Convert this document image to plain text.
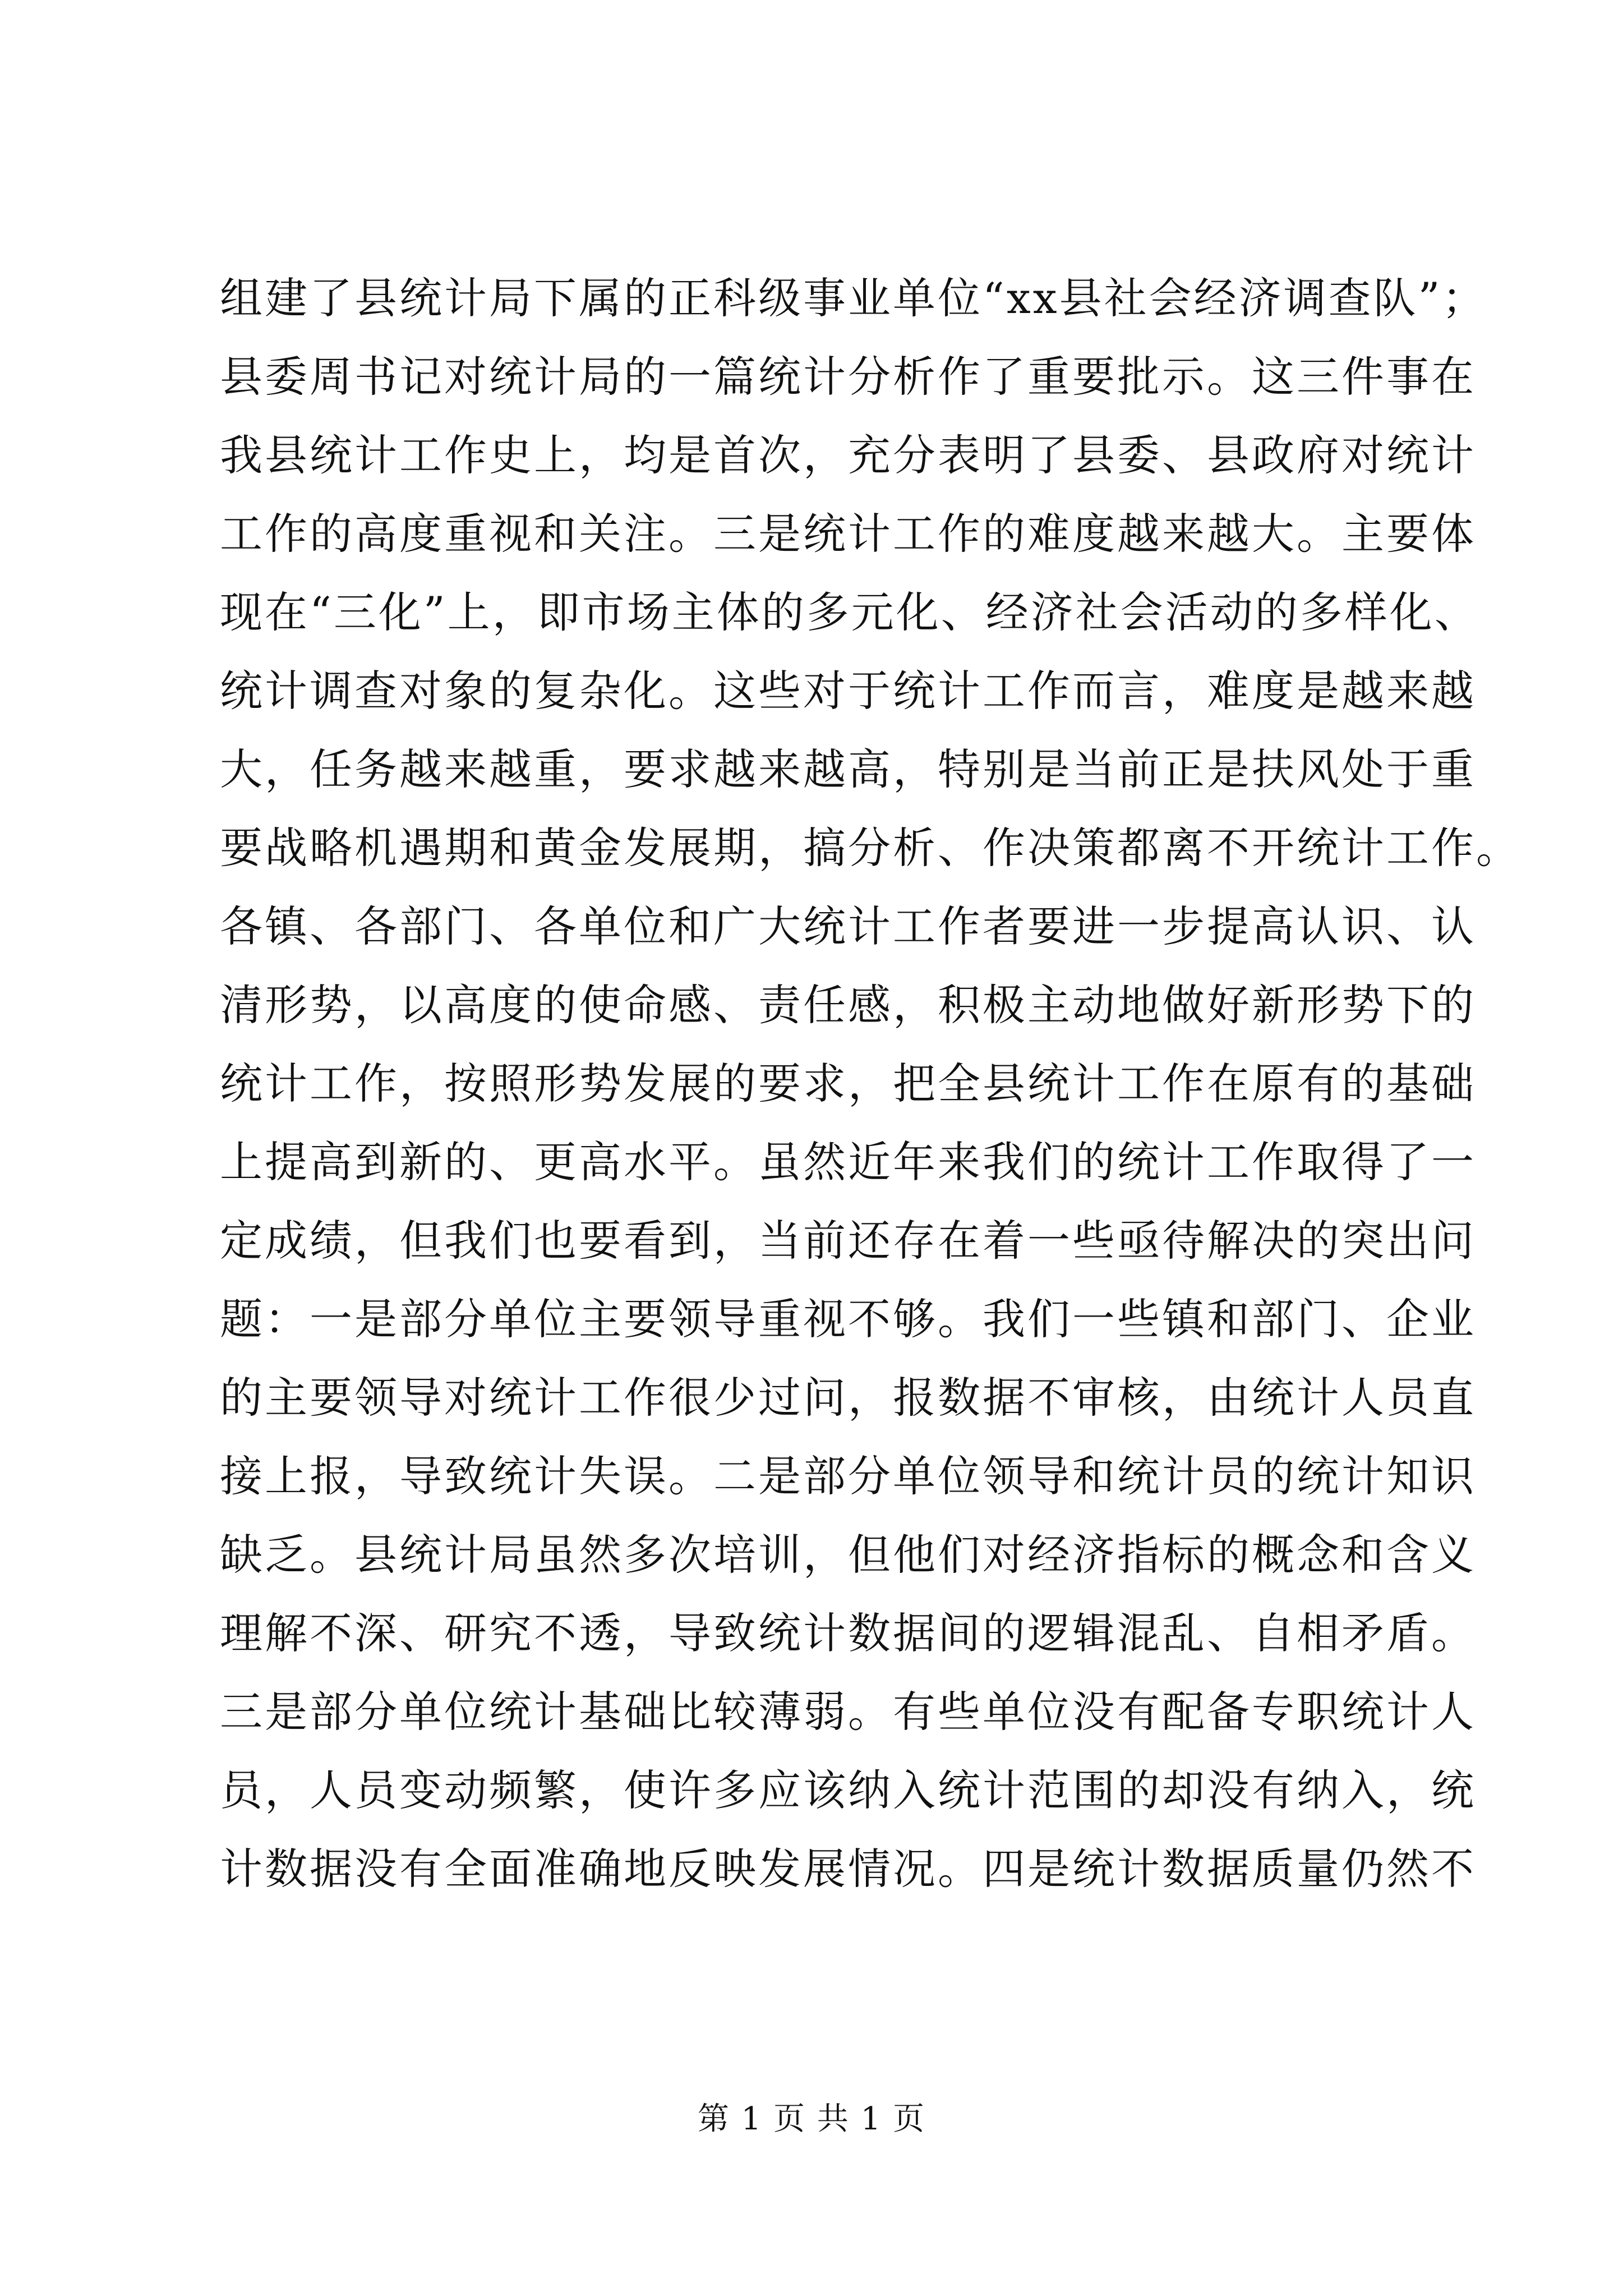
组建了县统计局下属的正科级事业单位“xx县社会经济调查队”；
县委周书记对统计局的一篇统计分析作了重要批示。这三件事在
我县统计工作史上，均是首次，充分表明了县委、县政府对统计
工作的高度重视和关注。三是统计工作的难度越来越大。主要体
现在“三化”上，即市场主体的多元化、经济社会活动的多样化、
统计调查对象的复杂化。这些对于统计工作而言，难度是越来越
大，任务越来越重，要求越来越高，特别是当前正是扶风处于重
要战略机遇期和黄金发展期，搞分析、作决策都离不开统计工作。
各镇、各部门、各单位和广大统计工作者要进一步提高认识、认
清形势，以高度的使命感、责任感，积极主动地做好新形势下的
统计工作，按照形势发展的要求，把全县统计工作在原有的基础
上提高到新的、更高水平。虽然近年来我们的统计工作取得了一
定成绩，但我们也要看到，当前还存在着一些亟待解决的突出问
题：一是部分单位主要领导重视不够。我们一些镇和部门、企业
的主要领导对统计工作很少过问，报数据不审核，由统计人员直
接上报，导致统计失误。二是部分单位领导和统计员的统计知识
缺乏。县统计局虽然多次培训，但他们对经济指标的概念和含义
理解不深、研究不透，导致统计数据间的逻辑混乱、自相矛盾。
三是部分单位统计基础比较薄弱。有些单位没有配备专职统计人
员，人员变动频繁，使许多应该纳入统计范围的却没有纳入，统
计数据没有全面准确地反映发展情况。四是统计数据质量仍然不
第 1 页 共 1 页
